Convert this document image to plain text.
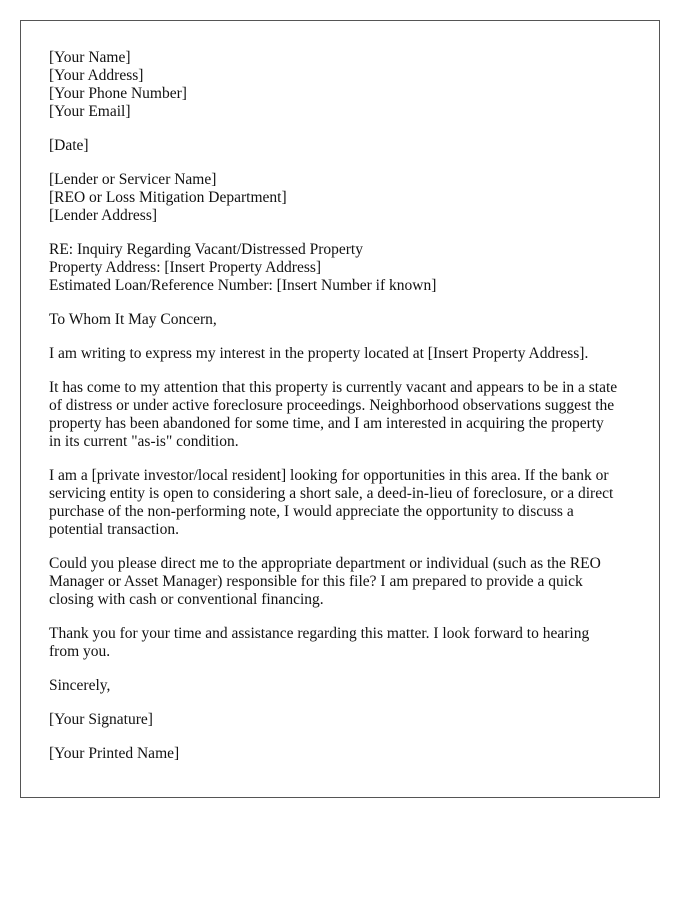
[Your Name]
[Your Address]
[Your Phone Number]
[Your Email]
[Date]
[Lender or Servicer Name]
[REO or Loss Mitigation Department]
[Lender Address]
RE: Inquiry Regarding Vacant/Distressed Property
Property Address: [Insert Property Address]
Estimated Loan/Reference Number: [Insert Number if known]

To Whom It May Concern,

I am writing to express my interest in the property located at [Insert Property Address].

It has come to my attention that this property is currently vacant and appears to be in a state of distress or under active foreclosure proceedings. Neighborhood observations suggest the property has been abandoned for some time, and I am interested in acquiring the property in its current "as-is" condition.

I am a [private investor/local resident] looking for opportunities in this area. If the bank or servicing entity is open to considering a short sale, a deed-in-lieu of foreclosure, or a direct purchase of the non-performing note, I would appreciate the opportunity to discuss a potential transaction.

Could you please direct me to the appropriate department or individual (such as the REO Manager or Asset Manager) responsible for this file? I am prepared to provide a quick closing with cash or conventional financing.

Thank you for your time and assistance regarding this matter. I look forward to hearing from you.

Sincerely,

[Your Signature]

[Your Printed Name]
